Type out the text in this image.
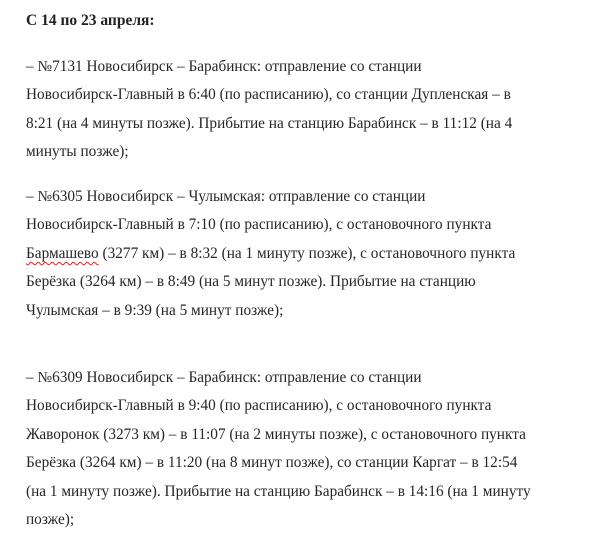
С 14 по 23 апреля:

– №7131 Новосибирск – Барабинск: отправление со станции
Новосибирск-Главный в 6:40 (по расписанию), со станции Дупленская – в
8:21 (на 4 минуты позже). Прибытие на станцию Барабинск – в 11:12 (на 4
минуты позже);

– №6305 Новосибирск – Чулымская: отправление со станции
Новосибирск-Главный в 7:10 (по расписанию), с остановочного пункта
Бармашево (3277 км) – в 8:32 (на 1 минуту позже), с остановочного пункта
Берёзка (3264 км) – в 8:49 (на 5 минут позже). Прибытие на станцию
Чулымская – в 9:39 (на 5 минут позже);

– №6309 Новосибирск – Барабинск: отправление со станции
Новосибирск-Главный в 9:40 (по расписанию), с остановочного пункта
Жаворонок (3273 км) – в 11:07 (на 2 минуты позже), с остановочного пункта
Берёзка (3264 км) – в 11:20 (на 8 минут позже), со станции Каргат – в 12:54
(на 1 минуту позже). Прибытие на станцию Барабинск – в 14:16 (на 1 минуту
позже);
